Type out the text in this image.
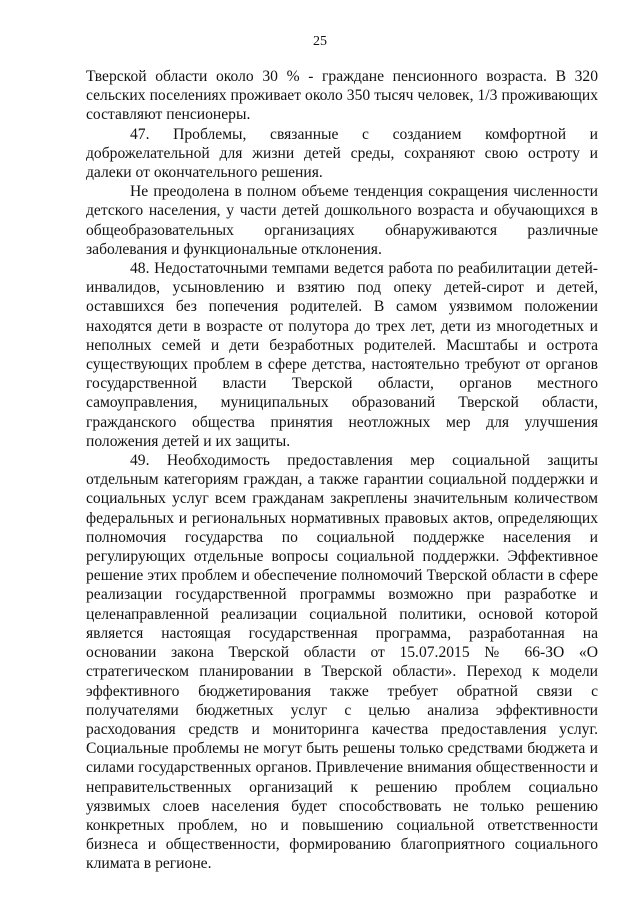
25

Тверской области около 30 % - граждане пенсионного возраста. В 320 сельских поселениях проживает около 350 тысяч человек, 1/3 проживающих составляют пенсионеры.

47. Проблемы, связанные с созданием комфортной и доброжелательной для жизни детей среды, сохраняют свою остроту и далеки от окончательного решения.

Не преодолена в полном объеме тенденция сокращения численности детского населения, у части детей дошкольного возраста и обучающихся в общеобразовательных организациях обнаруживаются различные заболевания и функциональные отклонения.

48. Недостаточными темпами ведется работа по реабилитации детей-инвалидов, усыновлению и взятию под опеку детей-сирот и детей, оставшихся без попечения родителей. В самом уязвимом положении находятся дети в возрасте от полутора до трех лет, дети из многодетных и неполных семей и дети безработных родителей. Масштабы и острота существующих проблем в сфере детства, настоятельно требуют от органов государственной власти Тверской области, органов местного самоуправления, муниципальных образований Тверской области, гражданского общества принятия неотложных мер для улучшения положения детей и их защиты.

49. Необходимость предоставления мер социальной защиты отдельным категориям граждан, а также гарантии социальной поддержки и социальных услуг всем гражданам закреплены значительным количеством федеральных и региональных нормативных правовых актов, определяющих полномочия государства по социальной поддержке населения и регулирующих отдельные вопросы социальной поддержки. Эффективное решение этих проблем и обеспечение полномочий Тверской области в сфере реализации государственной программы возможно при разработке и целенаправленной реализации социальной политики, основой которой является настоящая государственная программа, разработанная на основании закона Тверской области от 15.07.2015 № 66-ЗО «О стратегическом планировании в Тверской области». Переход к модели эффективного бюджетирования также требует обратной связи с получателями бюджетных услуг с целью анализа эффективности расходования средств и мониторинга качества предоставления услуг. Социальные проблемы не могут быть решены только средствами бюджета и силами государственных органов. Привлечение внимания общественности и неправительственных организаций к решению проблем социально уязвимых слоев населения будет способствовать не только решению конкретных проблем, но и повышению социальной ответственности бизнеса и общественности, формированию благоприятного социального климата в регионе.
